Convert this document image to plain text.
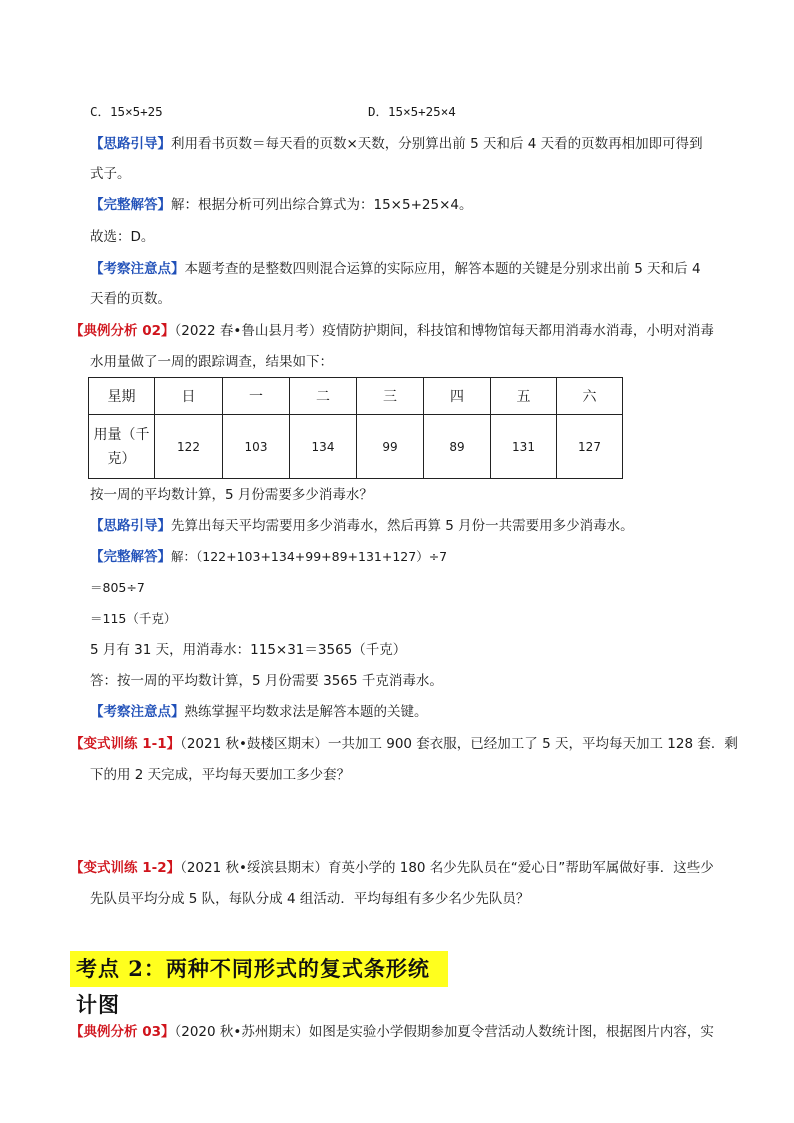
C．15×5+25	D．15×5+25×4
【思路引导】利用看书页数＝每天看的页数×天数，分别算出前 5 天和后 4 天看的页数再相加即可得到
式子。
【完整解答】解：根据分析可列出综合算式为：15×5+25×4。
故选：D。
【考察注意点】本题考查的是整数四则混合运算的实际应用，解答本题的关键是分别求出前 5 天和后 4
天看的页数。
【典例分析 02】（2022 春•鲁山县月考）疫情防护期间，科技馆和博物馆每天都用消毒水消毒，小明对消毒
水用量做了一周的跟踪调查，结果如下：
星期	日	一	二	三	四	五	六
用量（千
克）	122	103	134	99	89	131	127
按一周的平均数计算，5 月份需要多少消毒水？
【思路引导】先算出每天平均需要用多少消毒水，然后再算 5 月份一共需要用多少消毒水。
【完整解答】解：（122+103+134+99+89+131+127）÷7
＝805÷7
＝115（千克）
5 月有 31 天，用消毒水：115×31＝3565（千克）
答：按一周的平均数计算，5 月份需要 3565 千克消毒水。
【考察注意点】熟练掌握平均数求法是解答本题的关键。
【变式训练 1-1】（2021 秋•鼓楼区期末）一共加工 900 套衣服，已经加工了 5 天，平均每天加工 128 套．剩
下的用 2 天完成，平均每天要加工多少套？
【变式训练 1-2】（2021 秋•绥滨县期末）育英小学的 180 名少先队员在“爱心日”帮助军属做好事．这些少
先队员平均分成 5 队，每队分成 4 组活动．平均每组有多少名少先队员？
考点 2：两种不同形式的复式条形统计图
【典例分析 03】（2020 秋•苏州期末）如图是实验小学假期参加夏令营活动人数统计图，根据图片内容，实
